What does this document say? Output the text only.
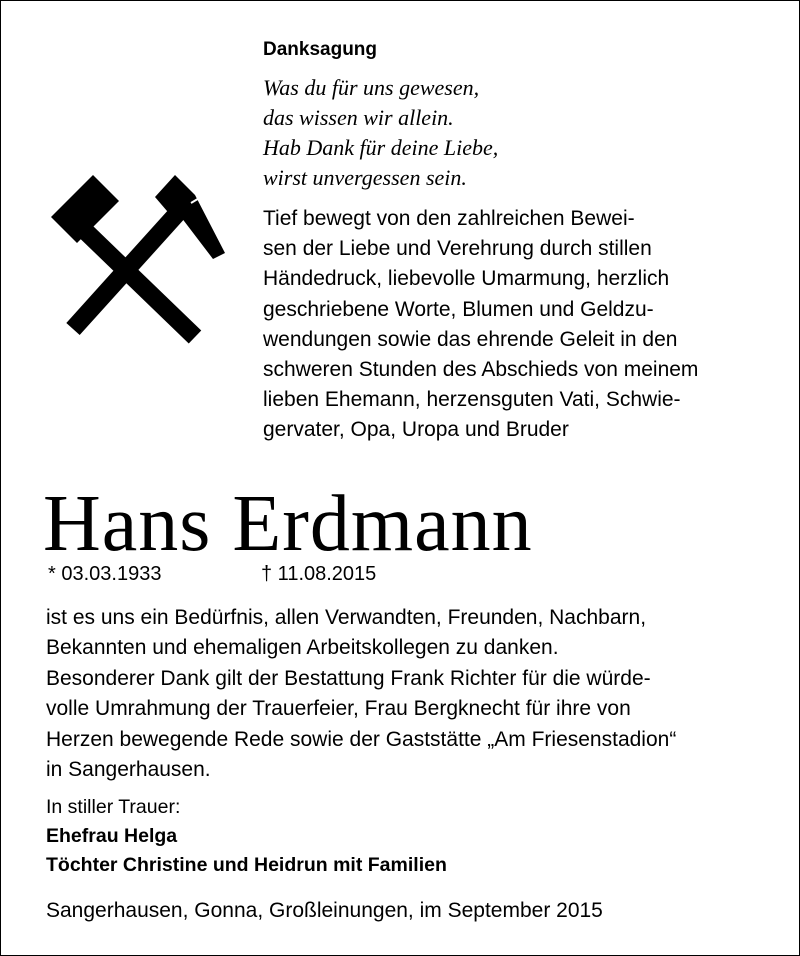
Danksagung
Was du für uns gewesen,
das wissen wir allein.
Hab Dank für deine Liebe,
wirst unvergessen sein.
Tief bewegt von den zahlreichen Bewei-
sen der Liebe und Verehrung durch stillen
Händedruck, liebevolle Umarmung, herzlich
geschriebene Worte, Blumen und Geldzu-
wendungen sowie das ehrende Geleit in den
schweren Stunden des Abschieds von meinem
lieben Ehemann, herzensguten Vati, Schwie-
gervater, Opa, Uropa und Bruder
Hans Erdmann
* 03.03.1933	† 11.08.2015
ist es uns ein Bedürfnis, allen Verwandten, Freunden, Nachbarn,
Bekannten und ehemaligen Arbeitskollegen zu danken.
Besonderer Dank gilt der Bestattung Frank Richter für die würde-
volle Umrahmung der Trauerfeier, Frau Bergknecht für ihre von
Herzen bewegende Rede sowie der Gaststätte „Am Friesenstadion“
in Sangerhausen.
In stiller Trauer:
Ehefrau Helga
Töchter Christine und Heidrun mit Familien
Sangerhausen, Gonna, Großleinungen, im September 2015
